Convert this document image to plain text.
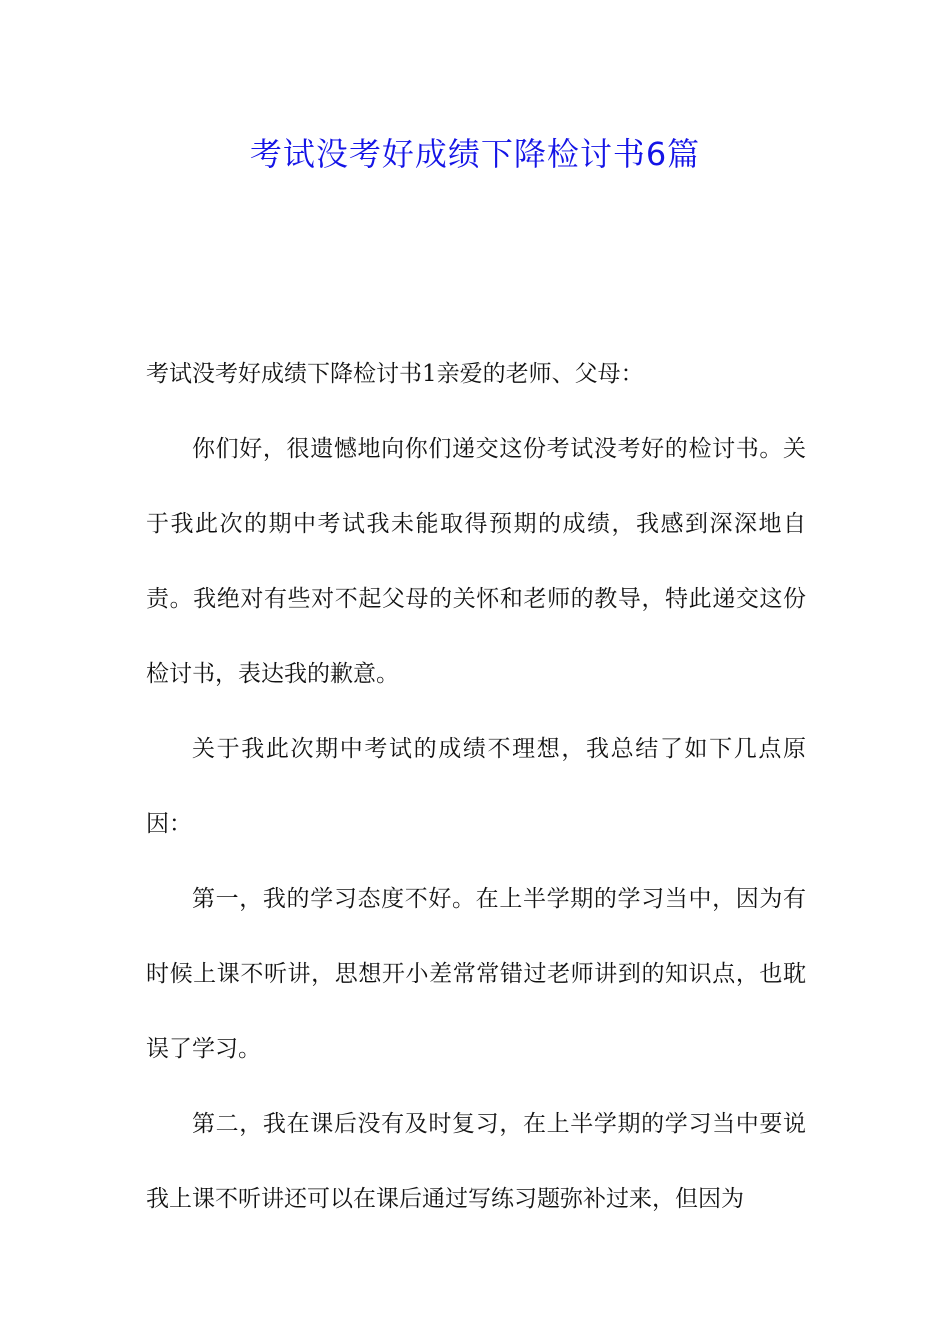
考试没考好成绩下降检讨书6篇

考试没考好成绩下降检讨书1亲爱的老师、父母：

你们好，很遗憾地向你们递交这份考试没考好的检讨书。关于我此次的期中考试我未能取得预期的成绩，我感到深深地自责。我绝对有些对不起父母的关怀和老师的教导，特此递交这份检讨书，表达我的歉意。

关于我此次期中考试的成绩不理想，我总结了如下几点原因：

第一，我的学习态度不好。在上半学期的学习当中，因为有时候上课不听讲，思想开小差常常错过老师讲到的知识点，也耽误了学习。

第二，我在课后没有及时复习，在上半学期的学习当中要说我上课不听讲还可以在课后通过写练习题弥补过来，但因为
